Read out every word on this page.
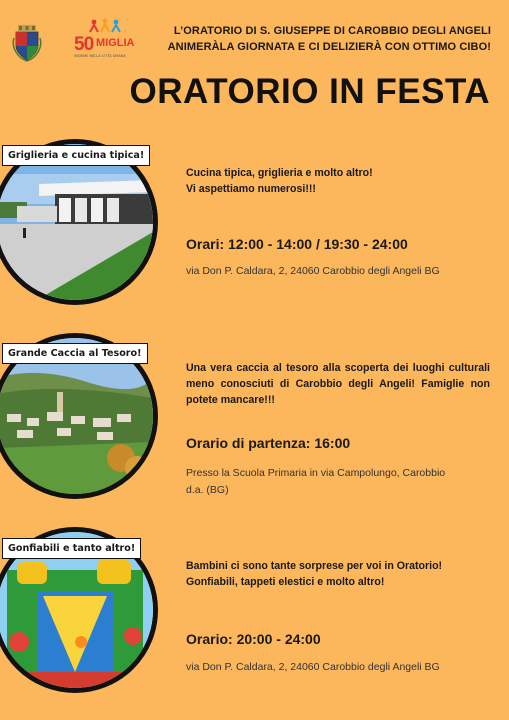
50 MIGLIA
INSIEME NELLA CITTÀ UMANA
L’ORATORIO DI S. GIUSEPPE DI CAROBBIO DEGLI ANGELI
ANIMERÀLA GIORNATA E CI DELIZIERÀ CON OTTIMO CIBO!
ORATORIO IN FESTA
Griglieria e cucina tipica!
Cucina tipica, griglieria e molto altro!
Vi aspettiamo numerosi!!!
Orari: 12:00 - 14:00 / 19:30 - 24:00
via Don P. Caldara, 2, 24060 Carobbio degli Angeli BG
Grande Caccia al Tesoro!
Una vera caccia al tesoro alla scoperta dei luoghi culturali meno conosciuti di Carobbio degli Angeli! Famiglie non potete mancare!!!
Orario di partenza: 16:00
Presso la Scuola Primaria in via Campolungo, Carobbio d.a. (BG)
Gonfiabili e tanto altro!
Bambini ci sono tante sorprese per voi in Oratorio!
Gonfiabili, tappeti elestici e molto altro!
Orario: 20:00 - 24:00
via Don P. Caldara, 2, 24060 Carobbio degli Angeli BG
